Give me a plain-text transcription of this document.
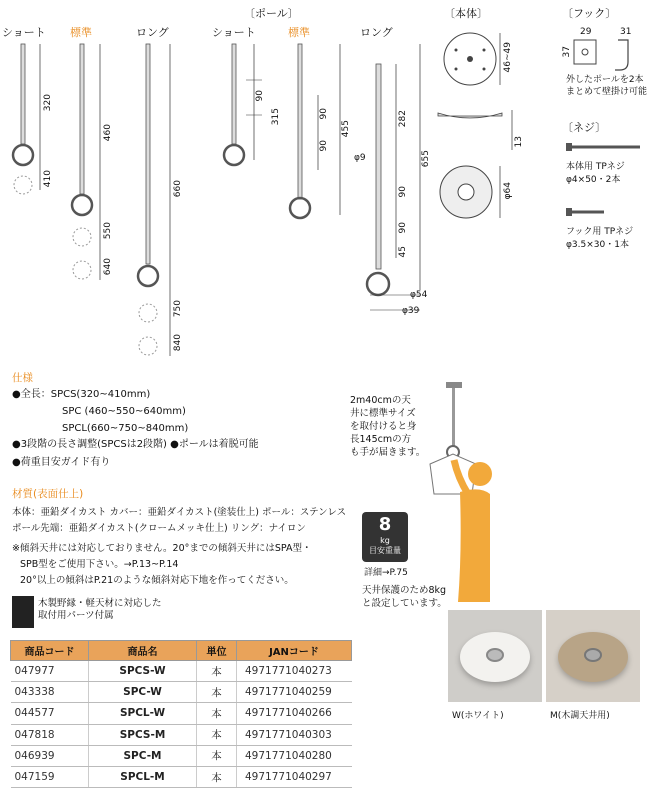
〔ポール〕	〔本体〕	〔フック〕
〔ネジ〕
ショート 標準	ロング	ショート	標準	ロング
320
410
460
550
640
660
750
840
90
315	90
90
455
282
655
90
90
45
φ9
φ54
φ39
46~49
13
φ64
29	31
37
外したポールを2本
まとめて壁掛け可能
本体用 TPネジ
φ4×50・2本
フック用 TPネジ
φ3.5×30・1本
仕様
●全長：SPCS(320~410mm)
SPC (460~550~640mm)
SPCL(660~750~840mm)
●3段階の長さ調整(SPCSは2段階) ●ポールは着脱可能
●荷重目安ガイド有り
材質(表面仕上)
本体：亜鉛ダイカスト カバー：亜鉛ダイカスト(塗装仕上) ポール：ステンレス
ポール先端：亜鉛ダイカスト(クロームメッキ仕上) リング：ナイロン
※傾斜天井には対応しておりません。20°までの傾斜天井にはSPA型・
SPB型をご使用下さい。→P.13~P.14
20°以上の傾斜はP.21のような傾斜対応下地を作ってください。
木製野縁・軽天材に対応した
取付用パーツ付属
商品コード	商品名	単位	JANコード
047977	SPCS-W	本	4971771040273
043338	SPC-W	本	4971771040259
044577	SPCL-W	本	4971771040266
047818	SPCS-M	本	4971771040303
046939	SPC-M	本	4971771040280
047159	SPCL-M	本	4971771040297
2m40cmの天
井に標準サイズ
を取付けると身
長145cmの方
も手が届きます。
8
kg
目安重量
詳細→P.75
天井保護のため8kg
と設定しています。
W(ホワイト)	M(木調天井用)
